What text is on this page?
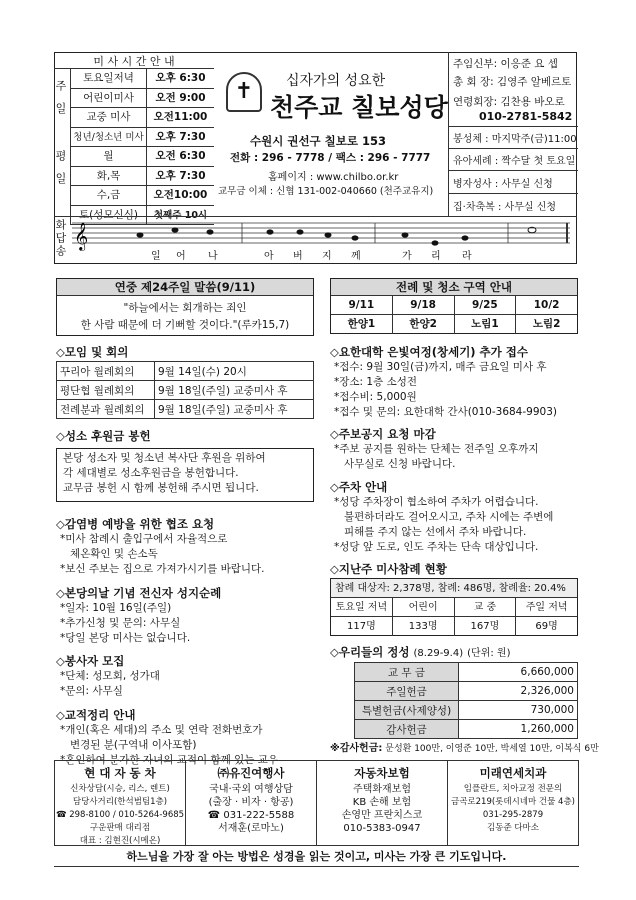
미 사 시 간 안 내
주 일
평 일
토요일저녁	오후 6:30
어린이미사	오전 9:00
교중 미사	오전11:00
청년/청소년 미사	오후 7:30
월	오전 6:30
화,목	오후 7:30
수,금	오전10:00
토(성모신심)	첫째주 10시
✝	십자가의 성요한
천주교 칠보성당
수원시 권선구 칠보로 153
전화 : 296 - 7778 / 팩스 : 296 - 7777
홈페이지 : www.chilbo.or.kr
교무금 이체 : 신협 131-002-040660 (천주교유지)
주임신부: 이응준 요 셉
총 회 장: 김영주 알베르토
연령회장: 김찬용 바오로
010-2781-5842
봉성체 : 마지막주(금)11:00
유아세례 : 짝수달 첫 토요일
병자성사 : 사무실 신청
집·차축복 : 사무실 신청
화답송 𝄞
일 어 나	아 버 지 께	가 리 라
연중 제24주일 말씀(9/11)
"하늘에서는 회개하는 죄인
한 사람 때문에 더 기뻐할 것이다."(루카15,7)
전례 및 청소 구역 안내
9/11	9/18	9/25	10/2
한양1	한양2	노림1	노림2
◇모임 및 회의
꾸리아 월례회의	9월 14일(수) 20시
평단협 월례회의	9월 18일(주일) 교중미사 후
전례분과 월례회의	9월 18일(주일) 교중미사 후
◇성소 후원금 봉헌
본당 성소자 및 청소년 복사단 후원을 위하여
각 세대별로 성소후원금을 봉헌합니다.
교무금 봉헌 시 함께 봉헌해 주시면 됩니다.
◇감염병 예방을 위한 협조 요청
*미사 참례시 출입구에서 자율적으로
체온확인 및 손소독
*보신 주보는 집으로 가져가시기를 바랍니다.
◇본당의날 기념 전신자 성지순례
*일자: 10월 16일(주일)
*추가신청 및 문의: 사무실
*당일 본당 미사는 없습니다.
◇봉사자 모집
*단체: 성모회, 성가대
*문의: 사무실
◇교적정리 안내
*개인(혹은 세대)의 주소 및 연락 전화번호가
변경된 분(구역내 이사포함)
*혼인하여 분가한 자녀의 교적이 함께 있는 교우
◇요한대학 은빛여정(창세기) 추가 접수
*접수: 9월 30일(금)까지, 매주 금요일 미사 후
*장소: 1층 소성전
*접수비: 5,000원
*접수 및 문의: 요한대학 간사(010-3684-9903)
◇주보공지 요청 마감
*주보 공지를 원하는 단체는 전주일 오후까지
사무실로 신청 바랍니다.
◇주차 안내
*성당 주차장이 협소하여 주차가 어렵습니다.
불편하더라도 걸어오시고, 주차 시에는 주변에
피해를 주지 않는 선에서 주차 바랍니다.
*성당 앞 도로, 인도 주차는 단속 대상입니다.
◇지난주 미사참례 현황
참례 대상자: 2,378명, 참례: 486명, 참례율: 20.4%
토요일 저녁	어린이	교 중	주일 저녁
117명	133명	167명	69명
◇우리들의 정성 (8.29-9.4) (단위: 원)
교 무 금	6,660,000
주일헌금	2,326,000
특별헌금(사제양성)	730,000
감사헌금	1,260,000
※감사헌금: 문성환 100만, 이영준 10만, 박세열 10만, 이복식 6만
현 대 자 동 차
신차상담(시승, 리스, 렌트)
담당사거리(한석범팀1층)
☎ 298-8100 / 010-5264-9685
구운판매 대리점
대표 : 김현진(시메온)
㈜유진여행사
국내·국외 여행상담
(출장 · 비자 · 항공)
☎ 031-222-5588
서재훈(로마노)
자동차보험
주택화재보험
KB 손해 보험
손영만 프란치스코
010-5383-0947
미래연세치과
임플란트, 치아교정 전문의
금곡로219(롯데시네마 건물 4층)
031-295-2879
김동준 다마소
하느님을 가장 잘 아는 방법은 성경을 읽는 것이고, 미사는 가장 큰 기도입니다.
